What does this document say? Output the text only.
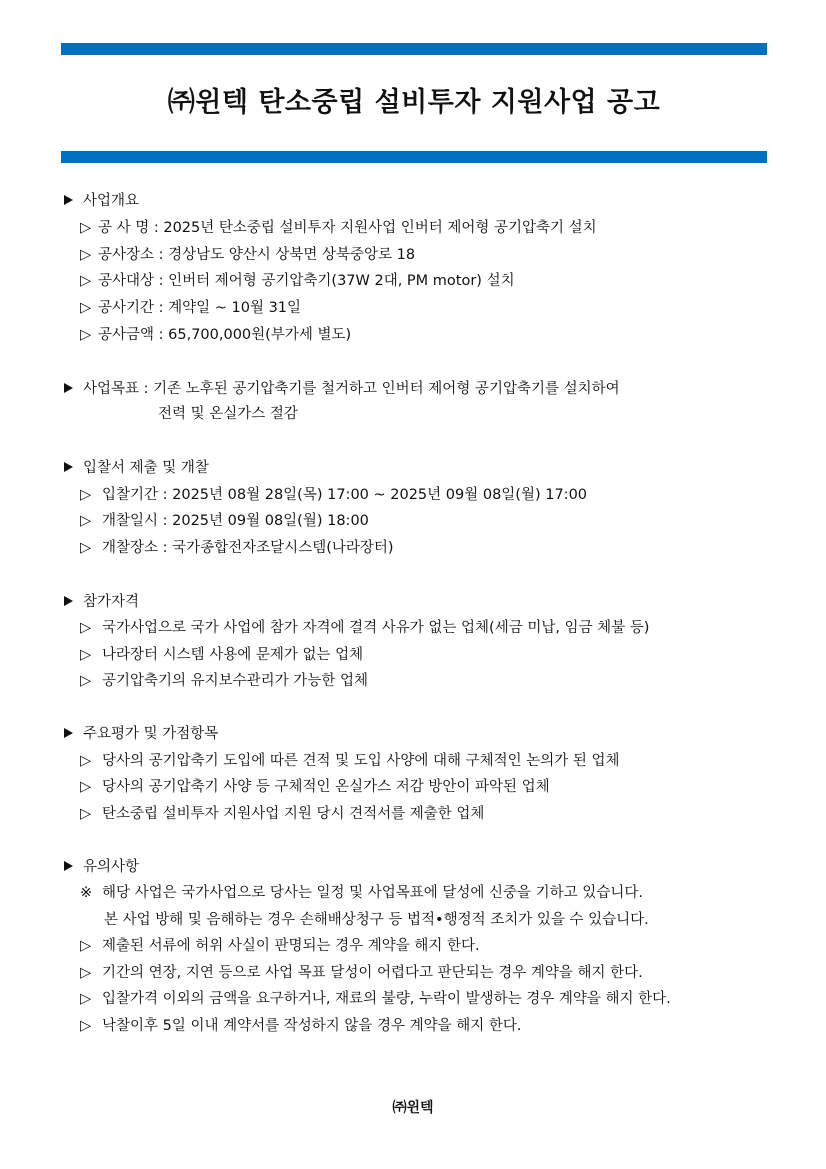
㈜윈텍 탄소중립 설비투자 지원사업 공고
사업개요
▷ 공 사 명 : 2025년 탄소중립 설비투자 지원사업 인버터 제어형 공기압축기 설치
▷ 공사장소 : 경상남도 양산시 상북면 상북중앙로 18
▷ 공사대상 : 인버터 제어형 공기압축기(37W 2대, PM motor) 설치
▷ 공사기간 : 계약일 ~ 10월 31일
▷ 공사금액 : 65,700,000원(부가세 별도)
사업목표 : 기존 노후된 공기압축기를 철거하고 인버터 제어형 공기압축기를 설치하여
전력 및 온실가스 절감
입찰서 제출 및 개찰
▷ 입찰기간 : 2025년 08월 28일(목) 17:00 ~ 2025년 09월 08일(월) 17:00
▷ 개찰일시 : 2025년 09월 08일(월) 18:00
▷ 개찰장소 : 국가종합전자조달시스템(나라장터)
참가자격
▷ 국가사업으로 국가 사업에 참가 자격에 결격 사유가 없는 업체(세금 미납, 임금 체불 등)
▷ 나라장터 시스템 사용에 문제가 없는 업체
▷ 공기압축기의 유지보수관리가 가능한 업체
주요평가 및 가점항목
▷ 당사의 공기압축기 도입에 따른 견적 및 도입 사양에 대해 구체적인 논의가 된 업체
▷ 당사의 공기압축기 사양 등 구체적인 온실가스 저감 방안이 파악된 업체
▷ 탄소중립 설비투자 지원사업 지원 당시 견적서를 제출한 업체
유의사항
※ 해당 사업은 국가사업으로 당사는 일정 및 사업목표에 달성에 신중을 기하고 있습니다.
본 사업 방해 및 음해하는 경우 손해배상청구 등 법적•행정적 조치가 있을 수 있습니다.
▷ 제출된 서류에 허위 사실이 판명되는 경우 계약을 해지 한다.
▷ 기간의 연장, 지연 등으로 사업 목표 달성이 어렵다고 판단되는 경우 계약을 해지 한다.
▷ 입찰가격 이외의 금액을 요구하거나, 재료의 불량, 누락이 발생하는 경우 계약을 해지 한다.
▷ 낙찰이후 5일 이내 계약서를 작성하지 않을 경우 계약을 해지 한다.
㈜윈텍
